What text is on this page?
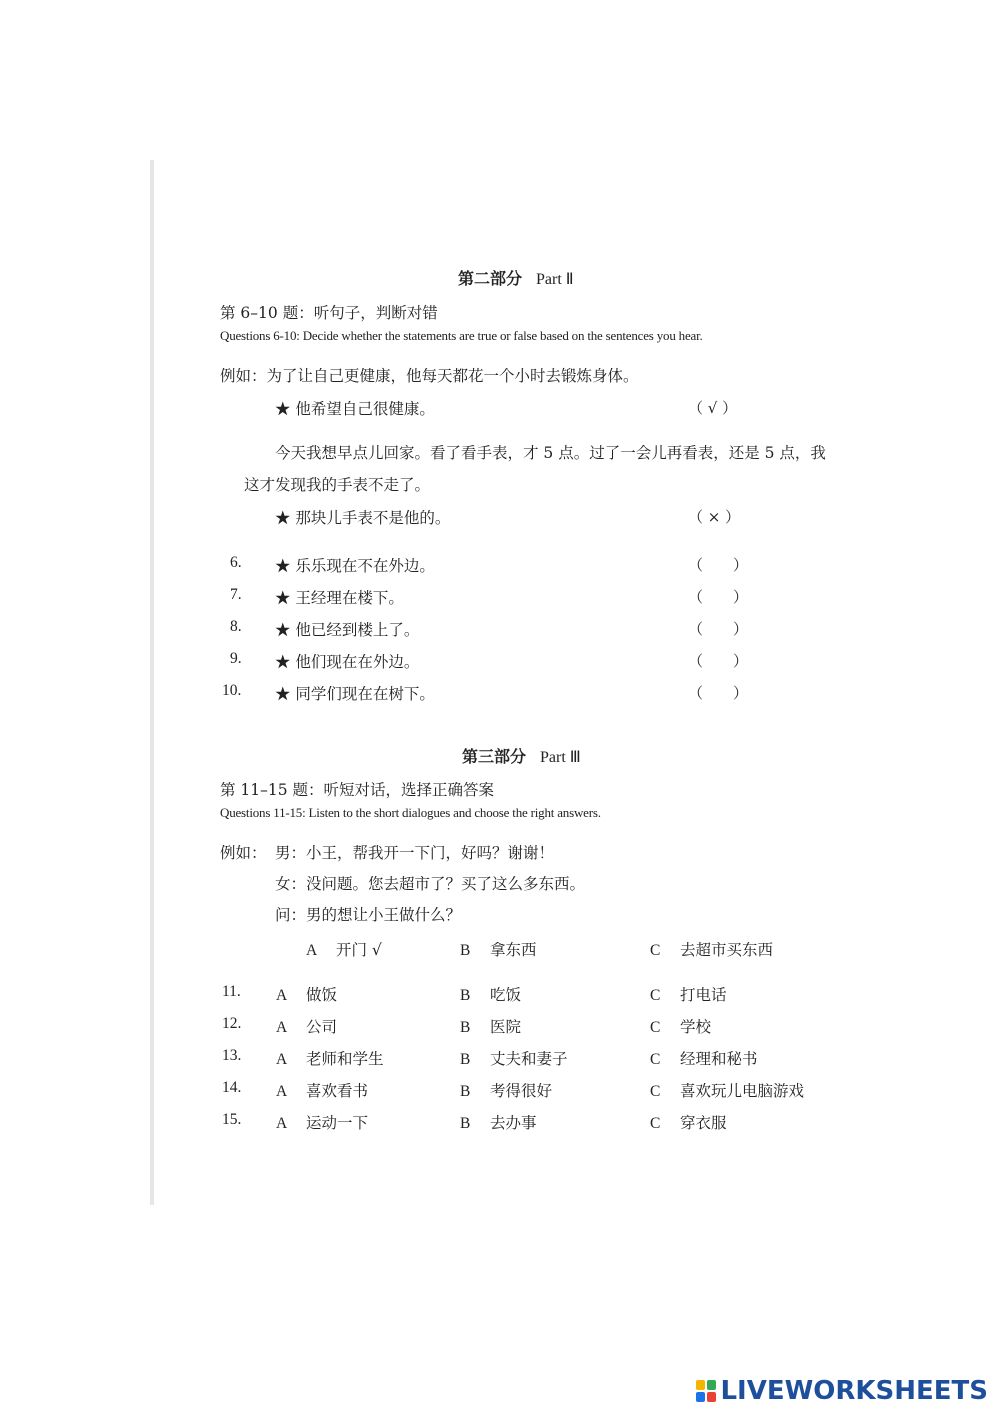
第二部分 Part Ⅱ
第 6–10 题：听句子，判断对错
Questions 6-10: Decide whether the statements are true or false based on the sentences you hear.
例如：为了让自己更健康，他每天都花一个小时去锻炼身体。
★ 他希望自己很健康。	（ √ ）
今天我想早点儿回家。看了看手表，才 5 点。过了一会儿再看表，还是 5 点，我
这才发现我的手表不走了。
★ 那块儿手表不是他的。	（ × ）
6. ★ 乐乐现在不在外边。	（　　）
7. ★ 王经理在楼下。	（　　）
8. ★ 他已经到楼上了。	（　　）
9. ★ 他们现在在外边。	（　　）
10. ★ 同学们现在在树下。	（　　）
第三部分 Part Ⅲ
第 11–15 题：听短对话，选择正确答案
Questions 11-15: Listen to the short dialogues and choose the right answers.
例如： 男：小王，帮我开一下门，好吗？谢谢！
女：没问题。您去超市了？买了这么多东西。
问：男的想让小王做什么？
A 开门 √	B 拿东西	C 去超市买东西
11. A 做饭	B 吃饭	C 打电话
12. A 公司	B 医院	C 学校
13. A 老师和学生	B 丈夫和妻子	C 经理和秘书
14. A 喜欢看书	B 考得很好	C 喜欢玩儿电脑游戏
15. A 运动一下	B 去办事	C 穿衣服
LIVEWORKSHEETS
